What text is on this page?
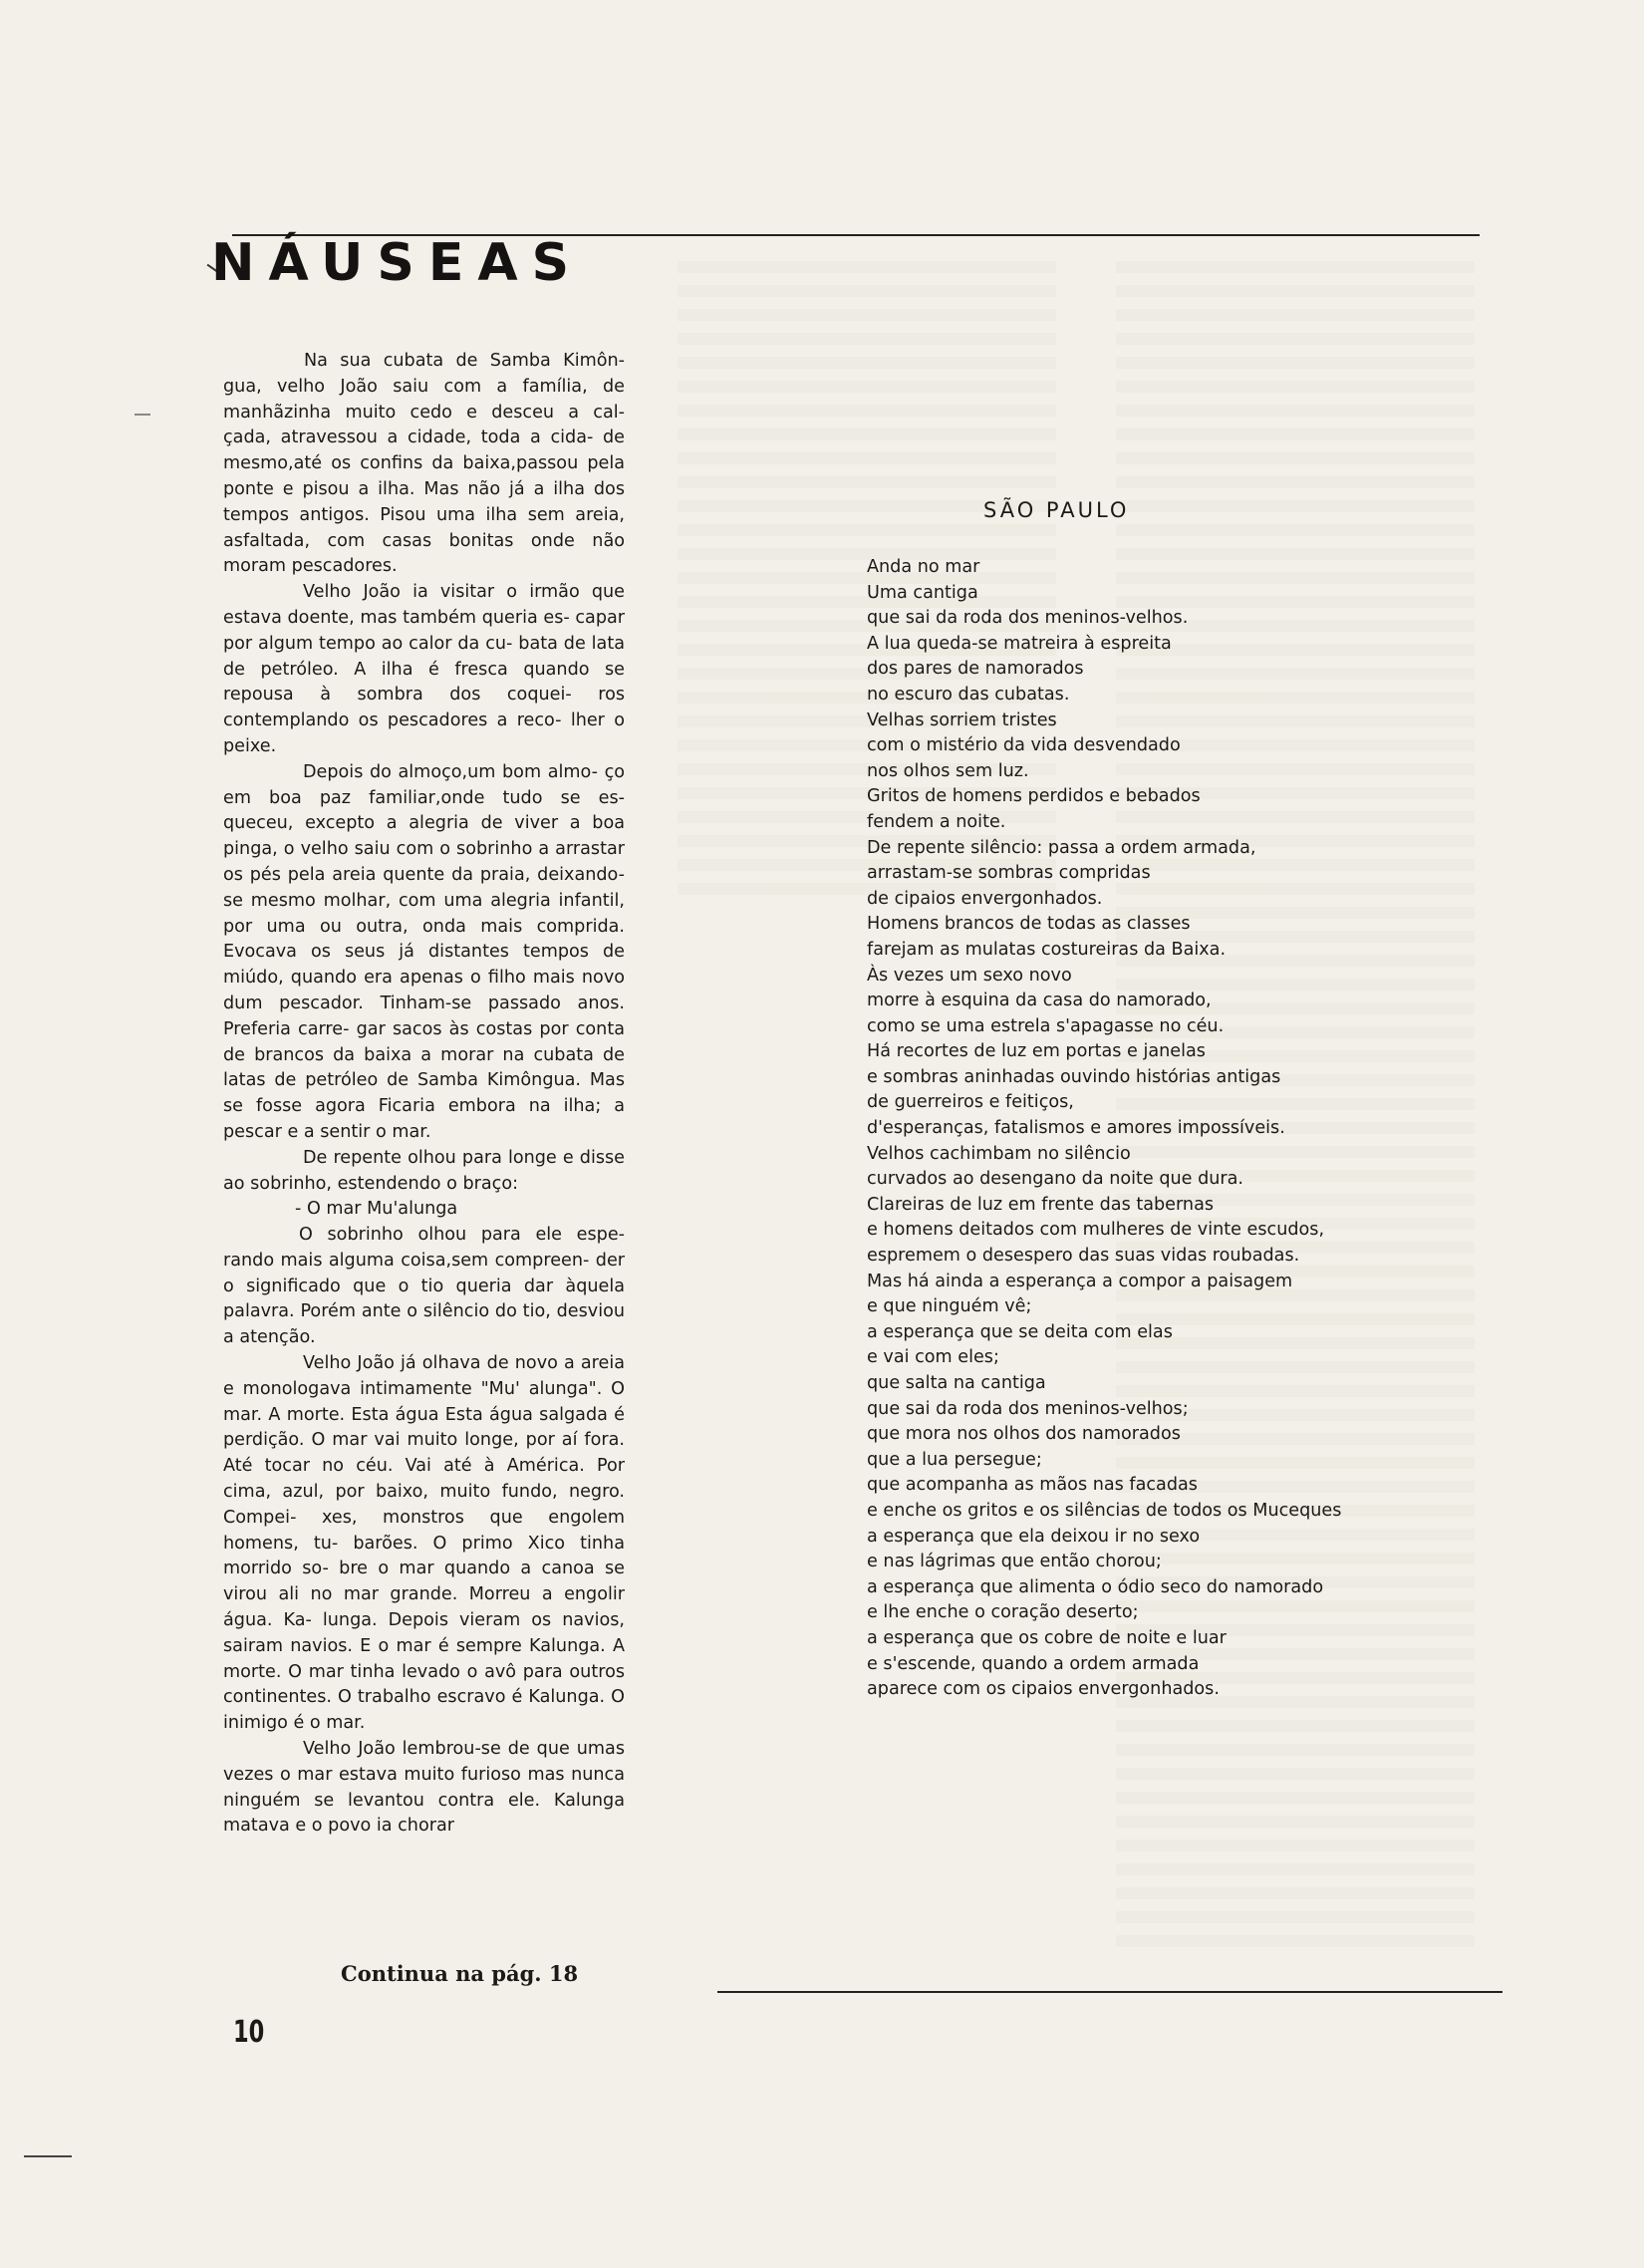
NÁUSEAS

Na sua cubata de Samba Kimôn- gua, velho João saiu com a família, de manhãzinha muito cedo e desceu a cal- çada, atravessou a cidade, toda a cida- de mesmo,até os confins da baixa,passou pela ponte e pisou a ilha. Mas não já a ilha dos tempos antigos. Pisou uma ilha sem areia, asfaltada, com casas bonitas onde não moram pescadores.

Velho João ia visitar o irmão que estava doente, mas também queria es- capar por algum tempo ao calor da cu- bata de lata de petróleo. A ilha é fresca quando se repousa à sombra dos coquei- ros contemplando os pescadores a reco- lher o peixe.

Depois do almoço,um bom almo- ço em boa paz familiar,onde tudo se es- queceu, excepto a alegria de viver a boa pinga, o velho saiu com o sobrinho a arrastar os pés pela areia quente da praia, deixando-se mesmo molhar, com uma alegria infantil, por uma ou outra, onda mais comprida. Evocava os seus já distantes tempos de miúdo, quando era apenas o filho mais novo dum pescador. Tinham-se passado anos. Preferia carre- gar sacos às costas por conta de brancos da baixa a morar na cubata de latas de petróleo de Samba Kimôngua. Mas se fosse agora Ficaria embora na ilha; a pescar e a sentir o mar.

De repente olhou para longe e disse ao sobrinho, estendendo o braço:

- O mar Mu'alunga

O sobrinho olhou para ele espe- rando mais alguma coisa,sem compreen- der o significado que o tio queria dar àquela palavra. Porém ante o silêncio do tio, desviou a atenção.

Velho João já olhava de novo a areia e monologava intimamente "Mu' alunga". O mar. A morte. Esta água Esta água salgada é perdição. O mar vai muito longe, por aí fora. Até tocar no céu. Vai até à América. Por cima, azul, por baixo, muito fundo, negro. Compei- xes, monstros que engolem homens, tu- barões. O primo Xico tinha morrido so- bre o mar quando a canoa se virou ali no mar grande. Morreu a engolir água. Ka- lunga. Depois vieram os navios, sairam navios. E o mar é sempre Kalunga. A morte. O mar tinha levado o avô para outros continentes. O trabalho escravo é Kalunga. O inimigo é o mar.

Velho João lembrou-se de que umas vezes o mar estava muito furioso mas nunca ninguém se levantou contra ele. Kalunga matava e o povo ia chorar

Continua na pág. 18
10
SÃO PAULO
Anda no mar
Uma cantiga
que sai da roda dos meninos-velhos.
A lua queda-se matreira à espreita
dos pares de namorados
no escuro das cubatas.
Velhas sorriem tristes
com o mistério da vida desvendado
nos olhos sem luz.
Gritos de homens perdidos e bebados
fendem a noite.
De repente silêncio: passa a ordem armada,
arrastam-se sombras compridas
de cipaios envergonhados.
Homens brancos de todas as classes
farejam as mulatas costureiras da Baixa.
Às vezes um sexo novo
morre à esquina da casa do namorado,
como se uma estrela s'apagasse no céu.
Há recortes de luz em portas e janelas
e sombras aninhadas ouvindo histórias antigas
de guerreiros e feitiços,
d'esperanças, fatalismos e amores impossíveis.
Velhos cachimbam no silêncio
curvados ao desengano da noite que dura.
Clareiras de luz em frente das tabernas
e homens deitados com mulheres de vinte escudos,
espremem o desespero das suas vidas roubadas.
Mas há ainda a esperança a compor a paisagem
e que ninguém vê;
a esperança que se deita com elas
e vai com eles;
que salta na cantiga
que sai da roda dos meninos-velhos;
que mora nos olhos dos namorados
que a lua persegue;
que acompanha as mãos nas facadas
e enche os gritos e os silências de todos os Muceques
a esperança que ela deixou ir no sexo
e nas lágrimas que então chorou;
a esperança que alimenta o ódio seco do namorado
e lhe enche o coração deserto;
a esperança que os cobre de noite e luar
e s'escende, quando a ordem armada
aparece com os cipaios envergonhados.
